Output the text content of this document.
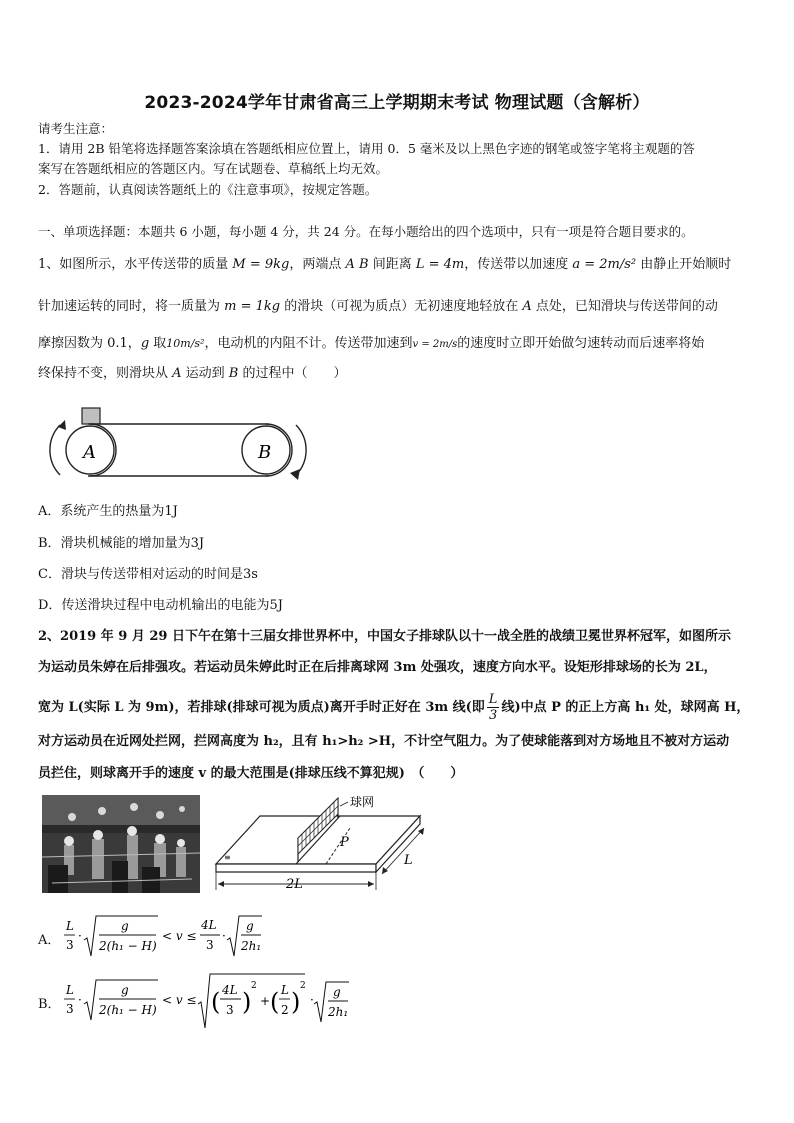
2023-2024学年甘肃省高三上学期期末考试 物理试题（含解析）
请考生注意：
1．请用 2B 铅笔将选择题答案涂填在答题纸相应位置上，请用 0．5 毫米及以上黑色字迹的钢笔或签字笔将主观题的答
案写在答题纸相应的答题区内。写在试题卷、草稿纸上均无效。
2．答题前，认真阅读答题纸上的《注意事项》，按规定答题。
一、单项选择题：本题共 6 小题，每小题 4 分，共 24 分。在每小题给出的四个选项中，只有一项是符合题目要求的。
1、如图所示，水平传送带的质量 M = 9kg，两端点 A B 间距离 L = 4m，传送带以加速度 a = 2m/s² 由静止开始顺时
针加速运转的同时，将一质量为 m = 1kg 的滑块（可视为质点）无初速度地轻放在 A 点处，已知滑块与传送带间的动
摩擦因数为 0.1，g 取10m/s²，电动机的内阻不计。传送带加速到v = 2m/s的速度时立即开始做匀速转动而后速率将始
终保持不变，则滑块从 A 运动到 B 的过程中（　　）
A	B
A．系统产生的热量为1J
B．滑块机械能的增加量为3J
C．滑块与传送带相对运动的时间是3s
D．传送滑块过程中电动机输出的电能为5J
2、2019 年 9 月 29 日下午在第十三届女排世界杯中，中国女子排球队以十一战全胜的战绩卫冕世界杯冠军，如图所示
为运动员朱婷在后排强攻。若运动员朱婷此时正在后排离球网 3m 处强攻，速度方向水平。设矩形排球场的长为 2L，
宽为 L(实际 L 为 9m)，若排球(排球可视为质点)离开手时正好在 3m 线(即 $\frac{L}{3}$ 线)中点 P 的正上方高 h₁ 处，球网高 H，
对方运动员在近网处拦网，拦网高度为 h₂，且有 h₁>h₂ >H，不计空气阻力。为了使球能落到对方场地且不被对方运动
员拦住，则球离开手的速度 v 的最大范围是(排球压线不算犯规)　（　　）
球网
P
≡
2L
L
A．
L
3
·
g
2(h₁ − H)
< v ≤
4L
3
·
g
2h₁
B．
L
3
·
g
2(h₁ − H)
< v ≤ ( 4L
3 )
2
+ ( L
2 )
2
·
g
2h₁
